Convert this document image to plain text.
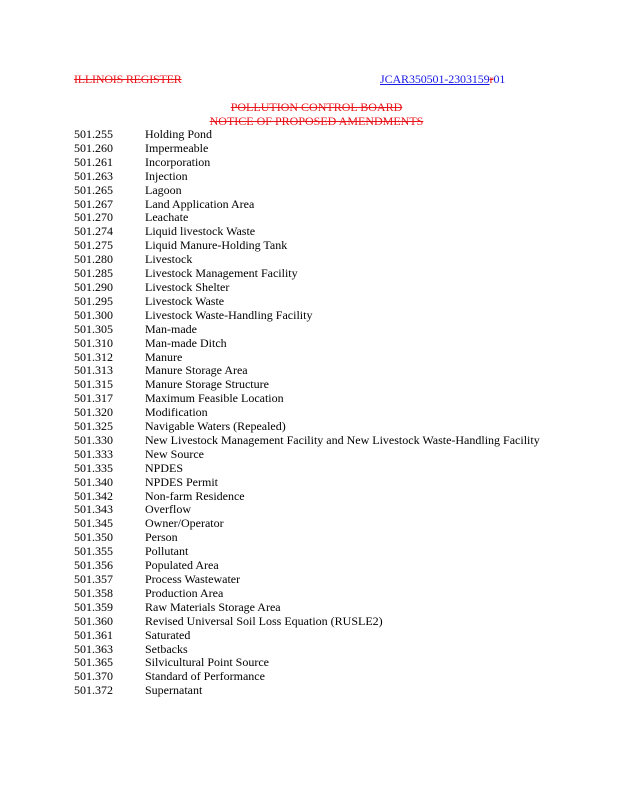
ILLINOIS REGISTER	JCAR350501-2303159r01
POLLUTION CONTROL BOARD
NOTICE OF PROPOSED AMENDMENTS
501.255	Holding Pond
501.260	Impermeable
501.261	Incorporation
501.263	Injection
501.265	Lagoon
501.267	Land Application Area
501.270	Leachate
501.274	Liquid livestock Waste
501.275	Liquid Manure-Holding Tank
501.280	Livestock
501.285	Livestock Management Facility
501.290	Livestock Shelter
501.295	Livestock Waste
501.300	Livestock Waste-Handling Facility
501.305	Man-made
501.310	Man-made Ditch
501.312	Manure
501.313	Manure Storage Area
501.315	Manure Storage Structure
501.317	Maximum Feasible Location
501.320	Modification
501.325	Navigable Waters (Repealed)
501.330	New Livestock Management Facility and New Livestock Waste-Handling Facility
501.333	New Source
501.335	NPDES
501.340	NPDES Permit
501.342	Non-farm Residence
501.343	Overflow
501.345	Owner/Operator
501.350	Person
501.355	Pollutant
501.356	Populated Area
501.357	Process Wastewater
501.358	Production Area
501.359	Raw Materials Storage Area
501.360	Revised Universal Soil Loss Equation (RUSLE2)
501.361	Saturated
501.363	Setbacks
501.365	Silvicultural Point Source
501.370	Standard of Performance
501.372	Supernatant
